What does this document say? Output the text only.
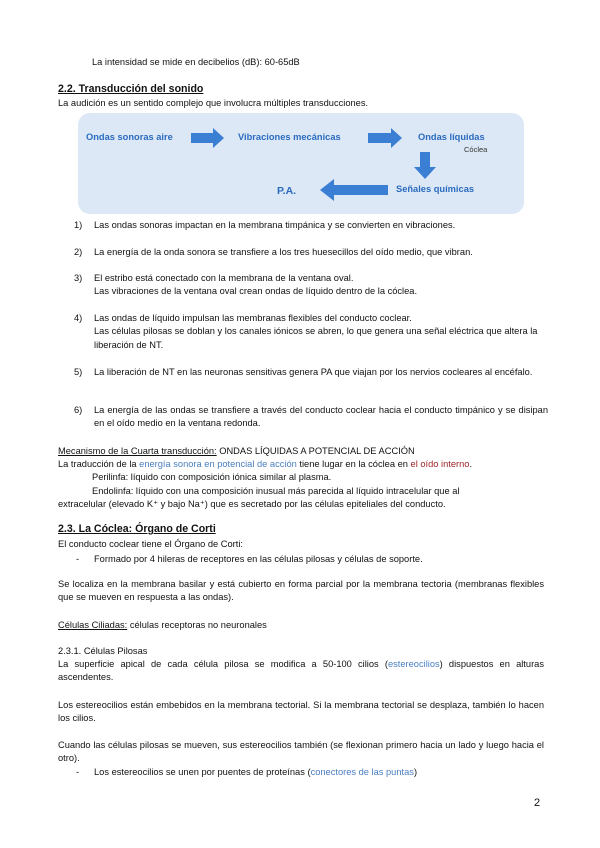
La intensidad se mide en decibelios (dB): 60-65dB
2.2. Transducción del sonido
La audición es un sentido complejo que involucra múltiples transducciones.
Ondas sonoras aire	Vibraciones mecánicas	Ondas líquidas
Cóclea
Señales químicas
P.A.
1)	Las ondas sonoras impactan en la membrana timpánica y se convierten en vibraciones.
2)	La energía de la onda sonora se transfiere a los tres huesecillos del oído medio, que vibran.
3)	El estribo está conectado con la membrana de la ventana oval.
Las vibraciones de la ventana oval crean ondas de líquido dentro de la cóclea.
4)	Las ondas de líquido impulsan las membranas flexibles del conducto coclear.
Las células pilosas se doblan y los canales iónicos se abren, lo que genera una señal eléctrica que altera la liberación de NT.
5)	La liberación de NT en las neuronas sensitivas genera PA que viajan por los nervios cocleares al encéfalo.
6)	La energía de las ondas se transfiere a través del conducto coclear hacia el conducto timpánico y se disipan en el oído medio en la ventana redonda.
Mecanismo de la Cuarta transducción: ONDAS LÍQUIDAS A POTENCIAL DE ACCIÓN
La traducción de la energía sonora en potencial de acción tiene lugar en la cóclea en el oído interno.
Perilinfa: líquido con composición iónica similar al plasma.
Endolinfa: líquido con una composición inusual más parecida al líquido intracelular que al
extracelular (elevado K⁺ y bajo Na⁺) que es secretado por las células epiteliales del conducto.
2.3. La Cóclea: Órgano de Corti
El conducto coclear tiene el Órgano de Corti:
- Formado por 4 hileras de receptores en las células pilosas y células de soporte.
Se localiza en la membrana basilar y está cubierto en forma parcial por la membrana tectoria (membranas flexibles que se mueven en respuesta a las ondas).
Células Ciliadas: células receptoras no neuronales
2.3.1. Células Pilosas
La superficie apical de cada célula pilosa se modifica a 50-100 cilios (estereocilios) dispuestos en alturas ascendentes.
Los estereocilios están embebidos en la membrana tectorial. Si la membrana tectorial se desplaza, también lo hacen los cilios.
Cuando las células pilosas se mueven, sus estereocilios también (se flexionan primero hacia un lado y luego hacia el otro).
- Los estereocilios se unen por puentes de proteínas (conectores de las puntas)
2
